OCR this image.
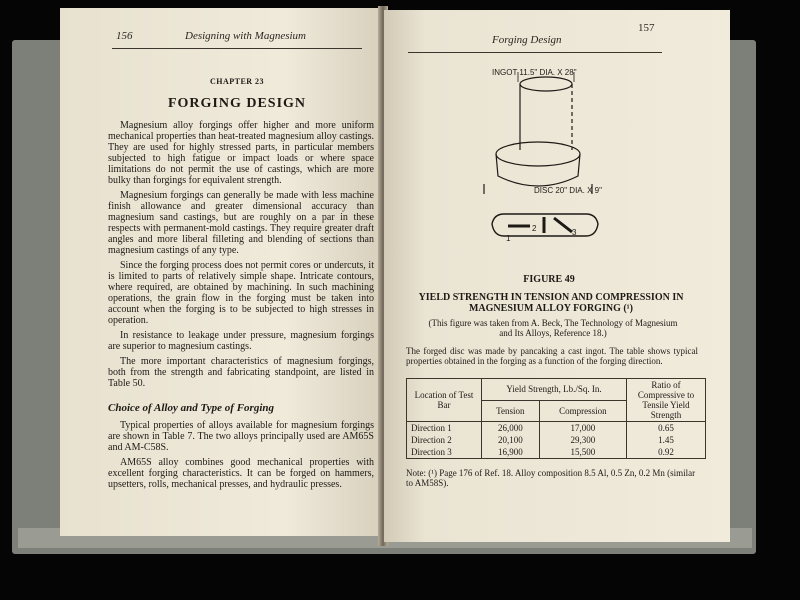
156	Designing with Magnesium
CHAPTER 23
FORGING DESIGN

Magnesium alloy forgings offer higher and more uniform mechanical properties than heat-treated magnesium alloy castings. They are used for highly stressed parts, in particular members subjected to high fatigue or impact loads or where space limitations do not permit the use of castings, which are more bulky than forgings for equivalent strength.

Magnesium forgings can generally be made with less machine finish allowance and greater dimensional accuracy than magnesium sand castings, but are roughly on a par in these respects with permanent-mold castings. They require greater draft angles and more liberal filleting and blending of sections than magnesium castings of any type.

Since the forging process does not permit cores or undercuts, it is limited to parts of relatively simple shape. Intricate contours, where required, are obtained by machining. In such machining operations, the grain flow in the forging must be taken into account when the forging is to be subjected to high stresses in operation.

In resistance to leakage under pressure, magnesium forgings are superior to magnesium castings.

The more important characteristics of magnesium forgings, both from the strength and fabricating standpoint, are listed in Table 50.

Choice of Alloy and Type of Forging

Typical properties of alloys available for magnesium forgings are shown in Table 7. The two alloys principally used are AM65S and AM-C58S.

AM65S alloy combines good mechanical properties with excellent forging characteristics. It can be forged on hammers, upsetters, rolls, mechanical presses, and hydraulic presses.

Forging Design
157
INGOT 11.5" DIA. X 28"
DISC 20" DIA. X 9"
1
2	3
FIGURE 49
YIELD STRENGTH IN TENSION AND COMPRESSION IN MAGNESIUM ALLOY FORGING (¹)
(This figure was taken from A. Beck, The Technology of Magnesium and Its Alloys, Reference 18.)
The forged disc was made by pancaking a cast ingot. The table shows typical properties obtained in the forging as a function of the forging direction.
Location of Test Bar	Yield Strength, Lb./Sq. In.		Ratio of Compressive to Tensile Yield Strength
	Tension	Compression	
Direction 1	26,000	17,000	0.65
Direction 2	20,100	29,300	1.45
Direction 3	16,900	15,500	0.92
Note: (¹) Page 176 of Ref. 18. Alloy composition 8.5 Al, 0.5 Zn, 0.2 Mn (similar to AM58S).
